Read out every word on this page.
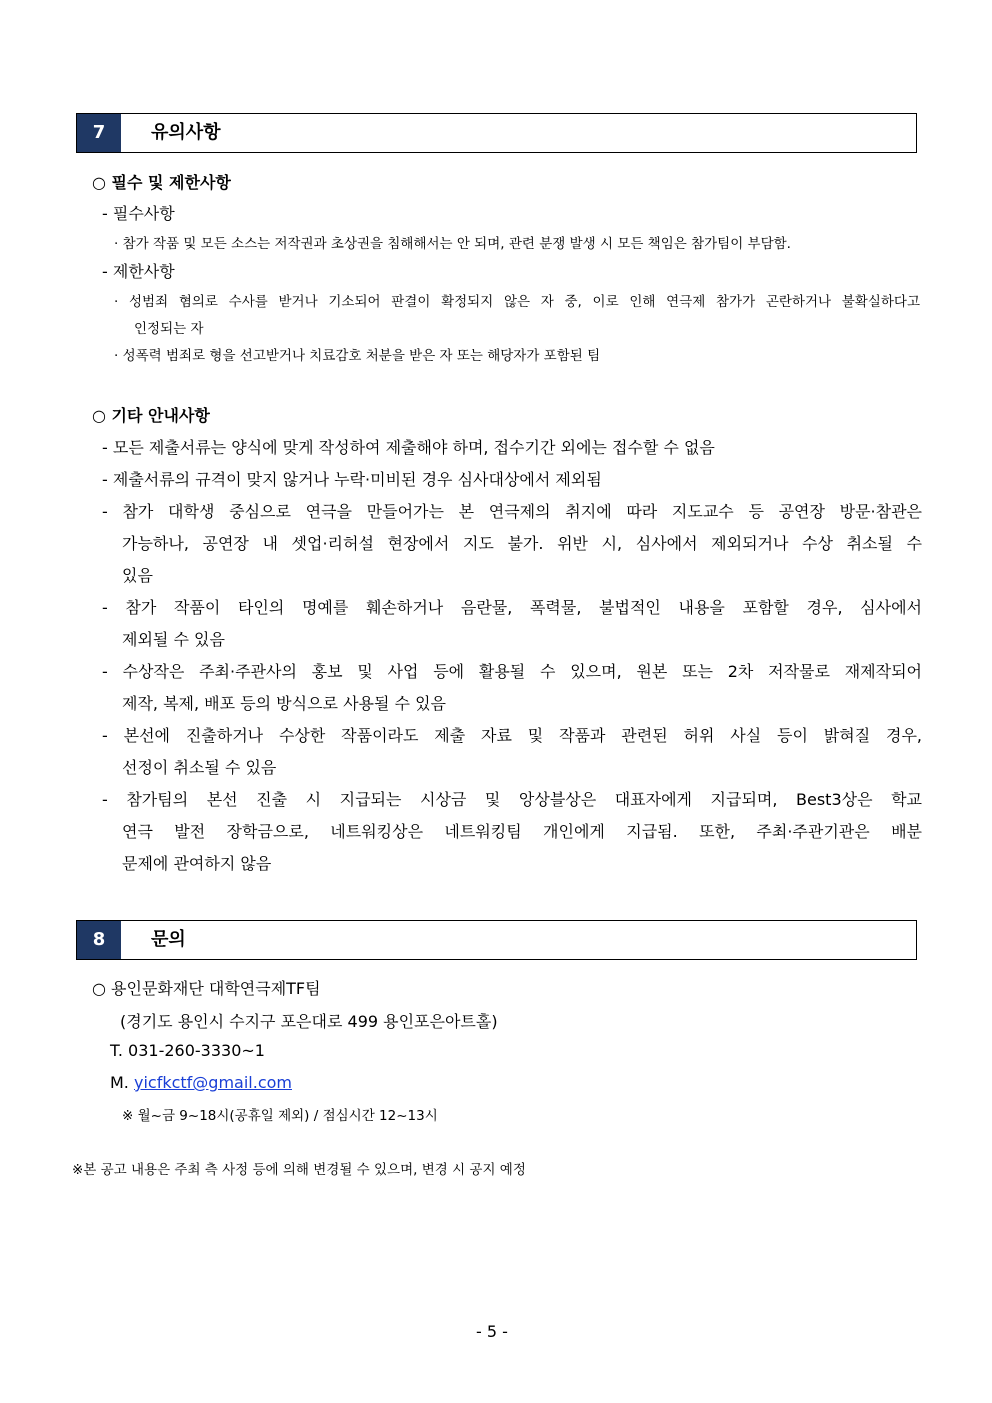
7	유의사항
○ 필수 및 제한사항
- 필수사항
· 참가 작품 및 모든 소스는 저작권과 초상권을 침해해서는 안 되며, 관련 분쟁 발생 시 모든 책임은 참가팀이 부담함.
- 제한사항
· 성범죄 혐의로 수사를 받거나 기소되어 판결이 확정되지 않은 자 중, 이로 인해 연극제 참가가 곤란하거나 불확실하다고
인정되는 자
· 성폭력 범죄로 형을 선고받거나 치료감호 처분을 받은 자 또는 해당자가 포함된 팀
○ 기타 안내사항
- 모든 제출서류는 양식에 맞게 작성하여 제출해야 하며, 접수기간 외에는 접수할 수 없음
- 제출서류의 규격이 맞지 않거나 누락·미비된 경우 심사대상에서 제외됨
- 참가 대학생 중심으로 연극을 만들어가는 본 연극제의 취지에 따라 지도교수 등 공연장 방문·참관은
가능하나, 공연장 내 셋업·리허설 현장에서 지도 불가. 위반 시, 심사에서 제외되거나 수상 취소될 수
있음
- 참가 작품이 타인의 명예를 훼손하거나 음란물, 폭력물, 불법적인 내용을 포함할 경우, 심사에서
제외될 수 있음
- 수상작은 주최·주관사의 홍보 및 사업 등에 활용될 수 있으며, 원본 또는 2차 저작물로 재제작되어
제작, 복제, 배포 등의 방식으로 사용될 수 있음
- 본선에 진출하거나 수상한 작품이라도 제출 자료 및 작품과 관련된 허위 사실 등이 밝혀질 경우,
선정이 취소될 수 있음
- 참가팀의 본선 진출 시 지급되는 시상금 및 앙상블상은 대표자에게 지급되며, Best3상은 학교
연극 발전 장학금으로, 네트워킹상은 네트워킹팀 개인에게 지급됨. 또한, 주최·주관기관은 배분
문제에 관여하지 않음
8	문의
○ 용인문화재단 대학연극제TF팀
(경기도 용인시 수지구 포은대로 499 용인포은아트홀)
T. 031-260-3330~1
M. yicfkctf@gmail.com
※ 월~금 9~18시(공휴일 제외) / 점심시간 12~13시
※본 공고 내용은 주최 측 사정 등에 의해 변경될 수 있으며, 변경 시 공지 예정
- 5 -
